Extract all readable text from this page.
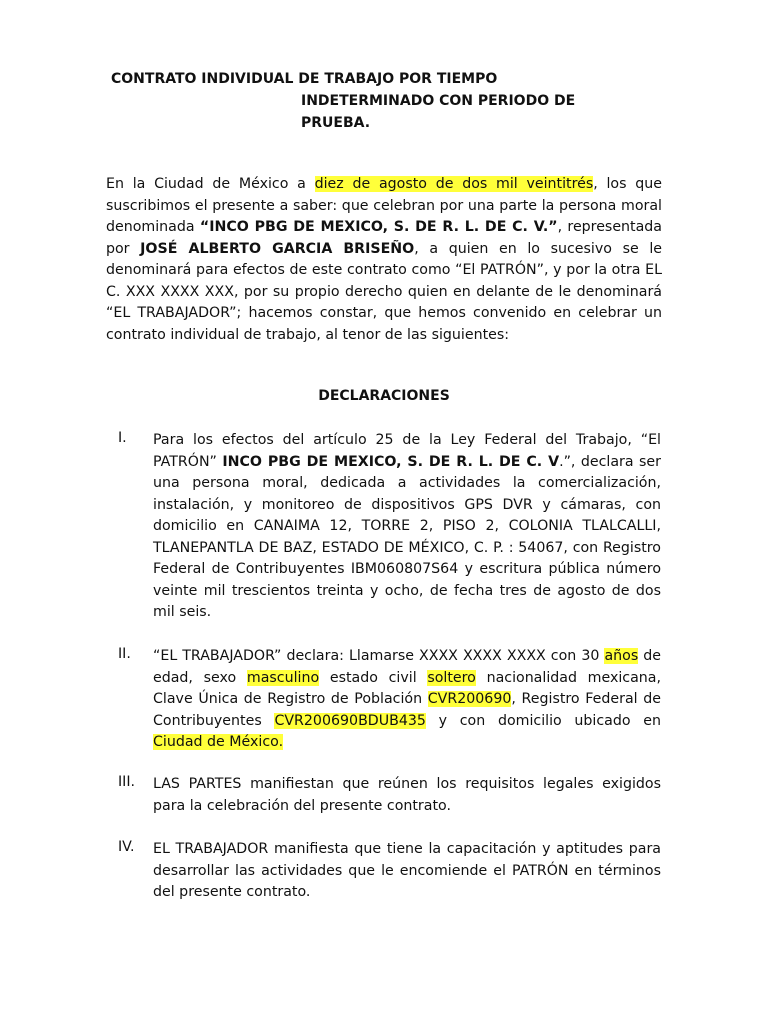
CONTRATO INDIVIDUAL DE TRABAJO POR TIEMPO
INDETERMINADO CON PERIODO DE
PRUEBA.
En la Ciudad de México a diez de agosto de dos mil veintitrés, los que suscribimos el presente a saber: que celebran por una parte la persona moral denominada “INCO PBG DE MEXICO, S. DE R. L. DE C. V.”, representada por JOSÉ ALBERTO GARCIA BRISEÑO, a quien en lo sucesivo se le denominará para efectos de este contrato como “El PATRÓN”, y por la otra EL C. XXX XXXX XXX, por su propio derecho quien en delante de le denominará “EL TRABAJADOR”; hacemos constar, que hemos convenido en celebrar un contrato individual de trabajo, al tenor de las siguientes:
DECLARACIONES
I. Para los efectos del artículo 25 de la Ley Federal del Trabajo, “El PATRÓN” INCO PBG DE MEXICO, S. DE R. L. DE C. V.”, declara ser una persona moral, dedicada a actividades la comercialización, instalación, y monitoreo de dispositivos GPS DVR y cámaras, con domicilio en CANAIMA 12, TORRE 2, PISO 2, COLONIA TLALCALLI, TLANEPANTLA DE BAZ, ESTADO DE MÉXICO, C. P. : 54067, con Registro Federal de Contribuyentes IBM060807S64 y escritura pública número veinte mil trescientos treinta y ocho, de fecha tres de agosto de dos mil seis.
II. “EL TRABAJADOR” declara: Llamarse XXXX XXXX XXXX con 30 años de edad, sexo masculino estado civil soltero nacionalidad mexicana, Clave Única de Registro de Población CVR200690, Registro Federal de Contribuyentes CVR200690BDUB435 y con domicilio ubicado en Ciudad de México.
III. LAS PARTES manifiestan que reúnen los requisitos legales exigidos para la celebración del presente contrato.
IV. EL TRABAJADOR manifiesta que tiene la capacitación y aptitudes para desarrollar las actividades que le encomiende el PATRÓN en términos del presente contrato.
